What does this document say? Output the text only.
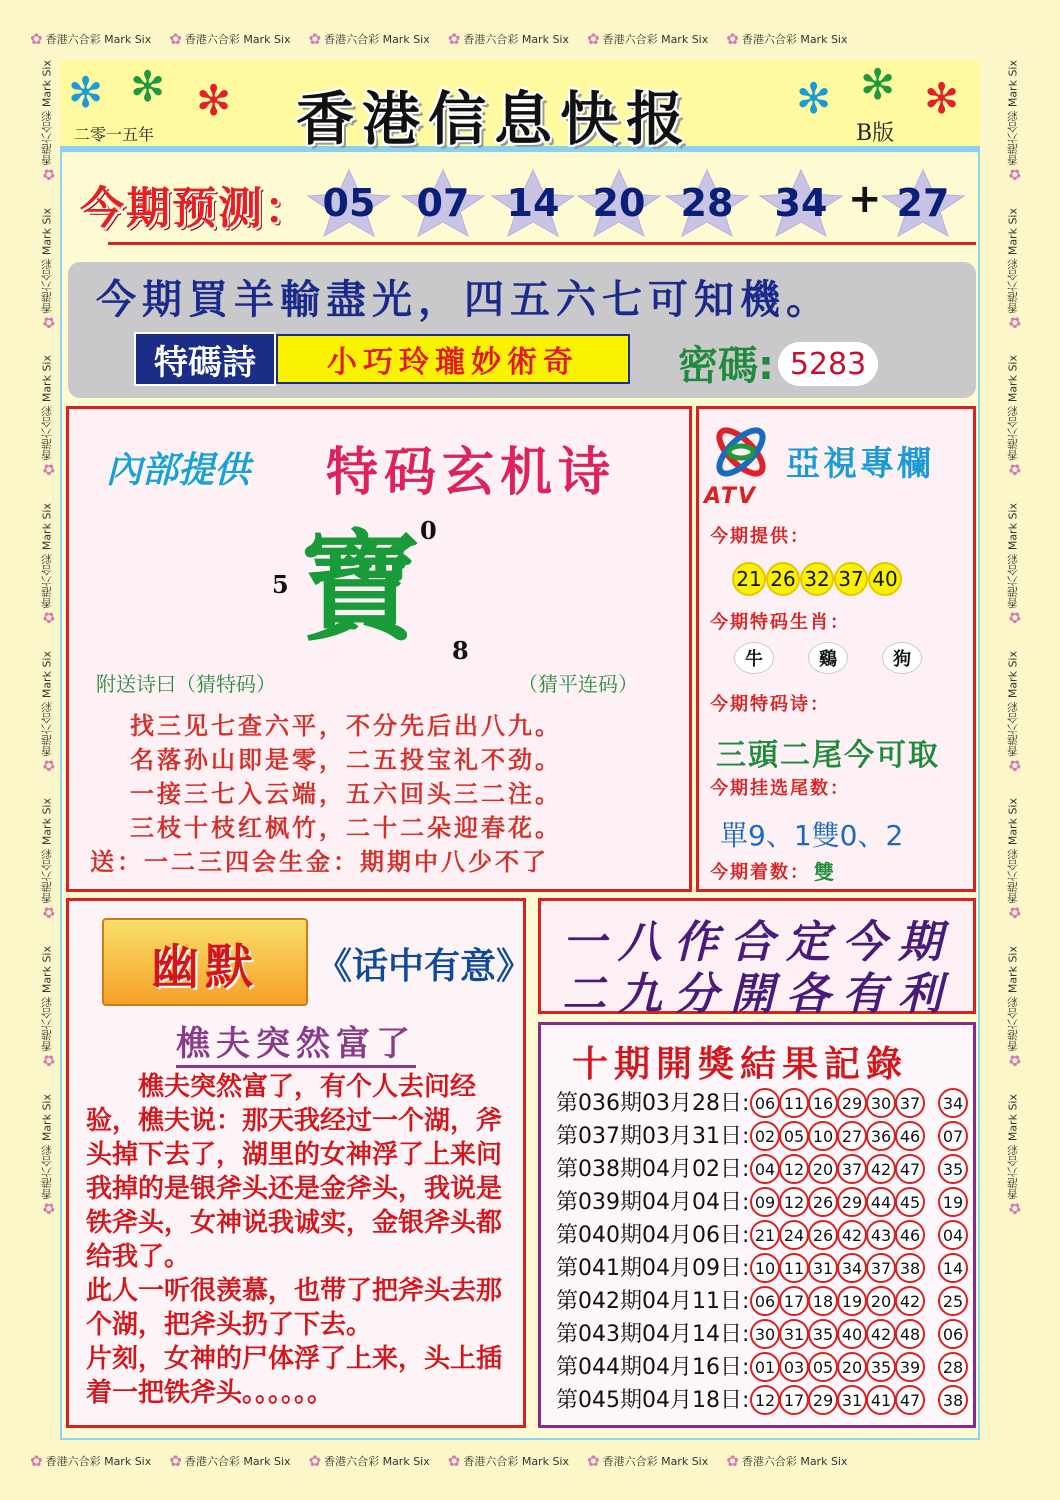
✿ 香港六合彩 Mark Six ✿ 香港六合彩 Mark Six ✿ 香港六合彩 Mark Six ✿ 香港六合彩 Mark Six ✿ 香港六合彩 Mark Six ✿ 香港六合彩 Mark Six
✿ 香港六合彩 Mark Six ✿ 香港六合彩 Mark Six ✿ 香港六合彩 Mark Six ✿ 香港六合彩 Mark Six ✿ 香港六合彩 Mark Six ✿ 香港六合彩 Mark Six
✿
香港六合彩 Mark Six
✿
香港六合彩 Mark Six
✿
香港六合彩 Mark Six
✿
香港六合彩 Mark Six
✿
香港六合彩 Mark Six
✿
香港六合彩 Mark Six
✿
香港六合彩 Mark Six
✿
香港六合彩 Mark Six
✿
香港六合彩 Mark Six
✿
香港六合彩 Mark Six
✿
香港六合彩 Mark Six
✿
香港六合彩 Mark Six
✿
香港六合彩 Mark Six
✿
香港六合彩 Mark Six
✿
香港六合彩 Mark Six
✿
香港六合彩 Mark Six
✻ ✻ ✻	✻ ✻ ✻
香港信息快报
二零一五年	B版
今期预测： 05 07 14 20 28 34 27
+
今期買羊輸盡光，四五六七可知機。
特碼詩	小巧玲瓏妙術奇	密碼: 5283
內部提供 特码玄机诗
寶 0
5
8
附送诗曰（猜特码）	（猜平连码）
找三见七查六平，不分先后出八九。
名落孙山即是零，二五投宝礼不劲。
一接三七入云端，五六回头三二注。
三枝十枝红枫竹，二十二朵迎春花。
送：一二三四会生金：期期中八少不了
ATV
亞視專欄
今期提供：
21 26 32 37 40
今期特码生肖：
牛	鷄	狗
今期特码诗：
三頭二尾今可取
今期挂选尾数：
單9、1雙0、2
今期着数： 雙
幽默	《话中有意》
樵夫突然富了

　　樵夫突然富了，有个人去问经验，樵夫说：那天我经过一个湖，斧头掉下去了，湖里的女神浮了上来问我掉的是银斧头还是金斧头，我说是铁斧头，女神说我诚实，金银斧头都给我了。

此人一听很羡慕，也带了把斧头去那个湖，把斧头扔了下去。

片刻，女神的尸体浮了上来，头上插着一把铁斧头。。。。。。

一八作合定今期
二九分開各有利
十期開獎結果記錄
第036期03月28日: 06 11 16 29 30 37	34
第037期03月31日: 02 05 10 27 36 46	07
第038期04月02日: 04 12 20 37 42 47	35
第039期04月04日: 09 12 26 29 44 45	19
第040期04月06日: 21 24 26 42 43 46	04
第041期04月09日: 10 11 31 34 37 38	14
第042期04月11日: 06 17 18 19 20 42	25
第043期04月14日: 30 31 35 40 42 48	06
第044期04月16日: 01 03 05 20 35 39	28
第045期04月18日: 12 17 29 31 41 47	38
